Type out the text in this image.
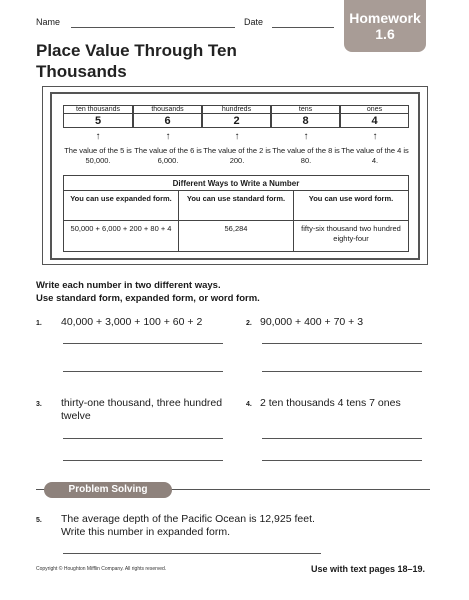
Name	Date	Homework
1.6
Place Value Through Ten
Thousands
ten thousands	thousands	hundreds	tens	ones
5	6	2	8	4
↑	↑	↑	↑	↑
The value of the 5 is 50,000.
The value of the 6 is 6,000.
The value of the 2 is 200.
The value of the 8 is 80.
The value of the 4 is 4.
Different Ways to Write a Number
You can use expanded form.	You can use standard form.	You can use word form.
50,000 + 6,000 + 200 + 80 + 4	56,284	fifty-six thousand two hundred eighty-four
Write each number in two different ways.
Use standard form, expanded form, or word form.
1. 40,000 + 3,000 + 100 + 60 + 2	2. 90,000 + 400 + 70 + 3
3. thirty-one thousand, three hundred
twelve
4. 2 ten thousands 4 tens 7 ones
Problem Solving
5. The average depth of the Pacific Ocean is 12,925 feet.
Write this number in expanded form.
Copyright © Houghton Mifflin Company. All rights reserved.	Use with text pages 18–19.
